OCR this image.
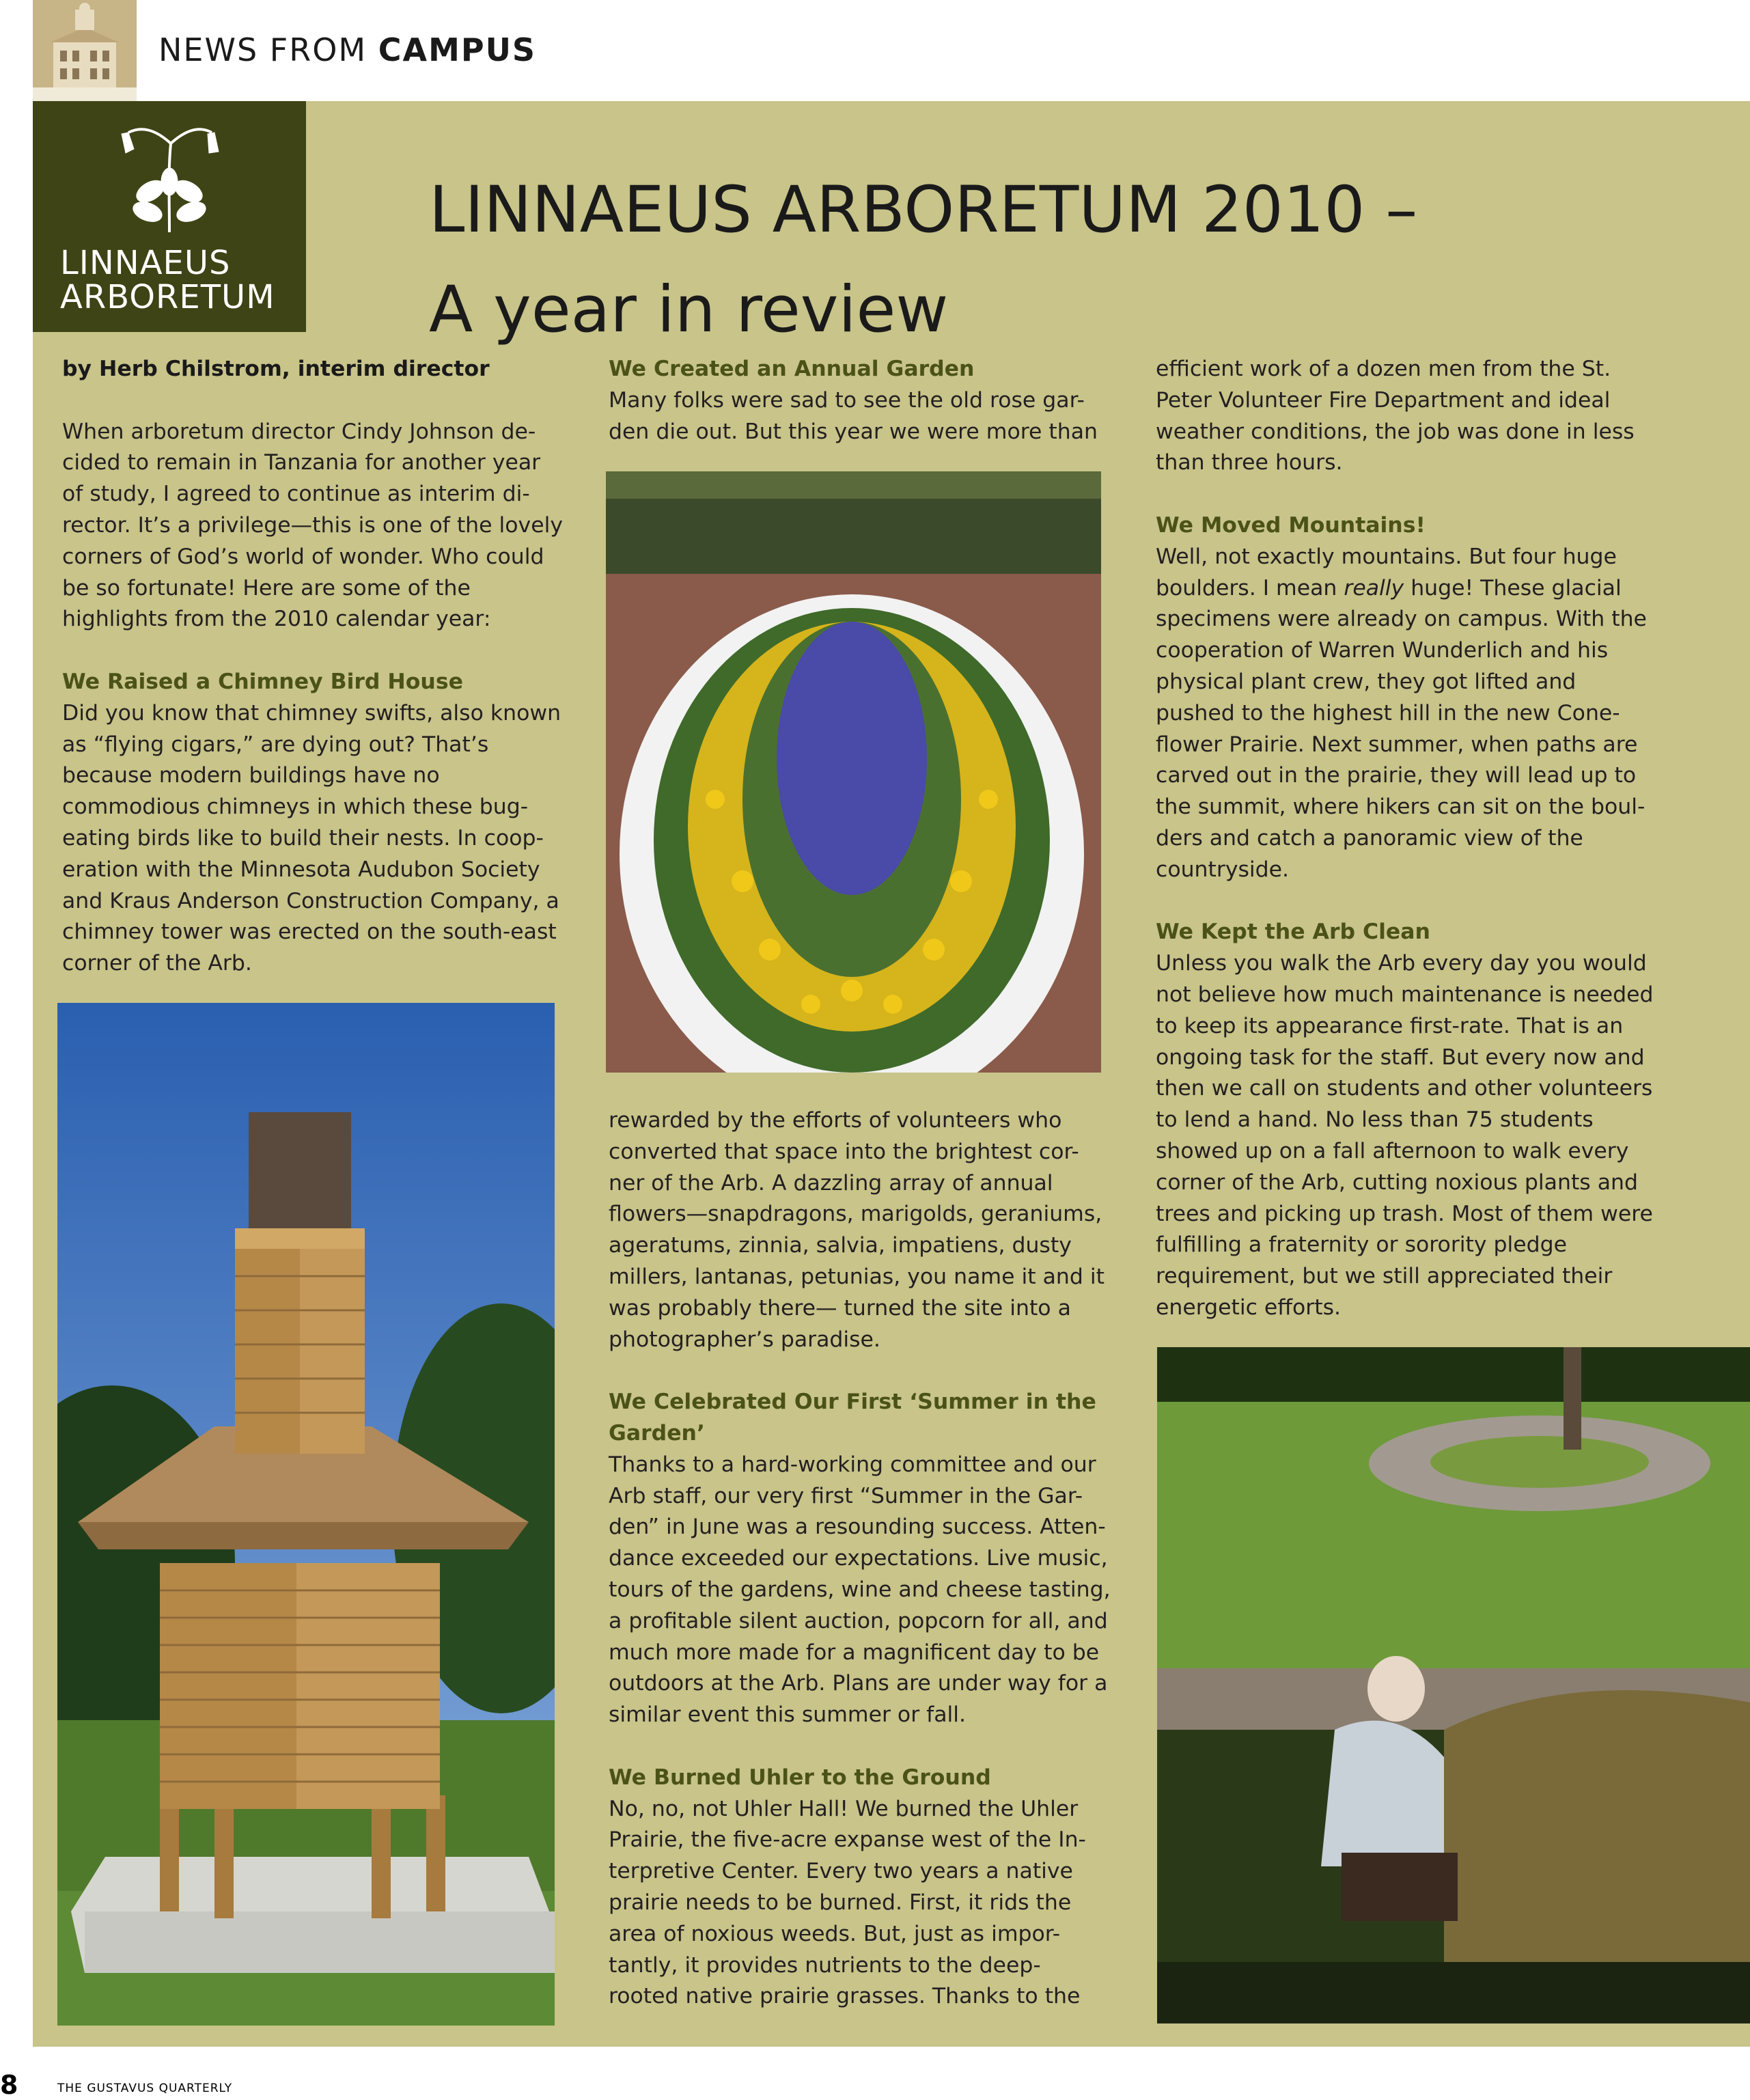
NEWS FROM CAMPUS
LINNAEUS
ARBORETUM
LINNAEUS ARBORETUM 2010 –
A year in review

by Herb Chilstrom, interim director

When arboretum director Cindy Johnson de-cided to remain in Tanzania for another year of study, I agreed to continue as interim di-rector. It’s a privilege—this is one of the lovely corners of God’s world of wonder. Who could be so fortunate! Here are some of the highlights from the 2010 calendar year:

We Raised a Chimney Bird House

Did you know that chimney swifts, also known as “flying cigars,” are dying out? That’s because modern buildings have no commodious chimneys in which these bug-eating birds like to build their nests. In coop-eration with the Minnesota Audubon Society and Kraus Anderson Construction Company, a chimney tower was erected on the south-east corner of the Arb.

We Created an Annual Garden

Many folks were sad to see the old rose gar-den die out. But this year we were more than

rewarded by the efforts of volunteers who converted that space into the brightest cor-ner of the Arb. A dazzling array of annual flowers—snapdragons, marigolds, geraniums, ageratums, zinnia, salvia, impatiens, dusty millers, lantanas, petunias, you name it and it was probably there— turned the site into a photographer’s paradise.

We Celebrated Our First ‘Summer in the Garden’

Thanks to a hard-working committee and our Arb staff, our very first “Summer in the Gar-den” in June was a resounding success. Atten-dance exceeded our expectations. Live music, tours of the gardens, wine and cheese tasting, a profitable silent auction, popcorn for all, and much more made for a magnificent day to be outdoors at the Arb. Plans are under way for a similar event this summer or fall.

We Burned Uhler to the Ground

No, no, not Uhler Hall! We burned the Uhler Prairie, the five-acre expanse west of the In-terpretive Center. Every two years a native prairie needs to be burned. First, it rids the area of noxious weeds. But, just as impor-tantly, it provides nutrients to the deep-rooted native prairie grasses. Thanks to the

efficient work of a dozen men from the St. Peter Volunteer Fire Department and ideal weather conditions, the job was done in less than three hours.

We Moved Mountains!

Well, not exactly mountains. But four huge boulders. I mean really huge! These glacial specimens were already on campus. With the cooperation of Warren Wunderlich and his physical plant crew, they got lifted and pushed to the highest hill in the new Cone-flower Prairie. Next summer, when paths are carved out in the prairie, they will lead up to the summit, where hikers can sit on the boul-ders and catch a panoramic view of the countryside.

We Kept the Arb Clean

Unless you walk the Arb every day you would not believe how much maintenance is needed to keep its appearance first-rate. That is an ongoing task for the staff. But every now and then we call on students and other volunteers to lend a hand. No less than 75 students showed up on a fall afternoon to walk every corner of the Arb, cutting noxious plants and trees and picking up trash. Most of them were fulfilling a fraternity or sorority pledge requirement, but we still appreciated their energetic efforts.

8	THE GUSTAVUS QUARTERLY
